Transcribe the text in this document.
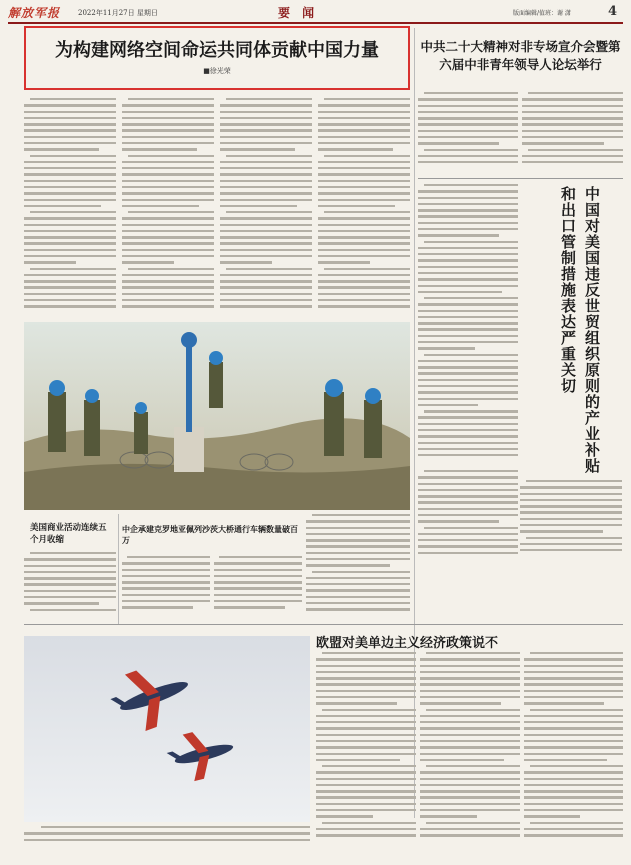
解放军报	2022年11月27日 星期日	要 闻	版面编辑/值班：谢 潇	4
为构建网络空间命运共同体贡献中国力量
■徐光荣
中共二十大精神对非专场宣介会暨第六届中非青年领导人论坛举行
中国对美国违反世贸组织原则的产业补贴和出口管制措施表达严重关切
美国商业活动连续五个月收缩
中企承建克罗地亚佩列沙茨大桥通行车辆数量破百万
欧盟对美单边主义经济政策说不
